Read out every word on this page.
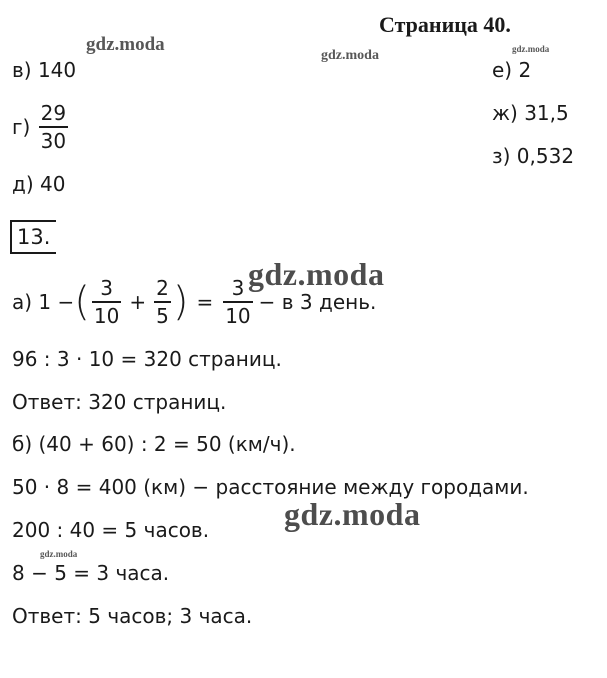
Страница 40.
gdz.moda
gdz.moda	gdz.moda
gdz.moda
gdz.moda
gdz.moda
в) 140
$г) \frac{29}{30}$
д) 40
е) 2
ж) 31,5
з) 0,532
13.
а) 1 − ( $\frac{3}{10} + \frac{2}{5}$ ) = $\frac{3}{10} - в$ 3 день.
96 : 3 · 10 = 320 страниц.
Ответ: 320 страниц.
б) (40 + 60) : 2 = 50 (км/ч).
50 · 8 = 400 (км) − расстояние между городами.
200 : 40 = 5 часов.
8 − 5 = 3 часа.
Ответ: 5 часов; 3 часа.
